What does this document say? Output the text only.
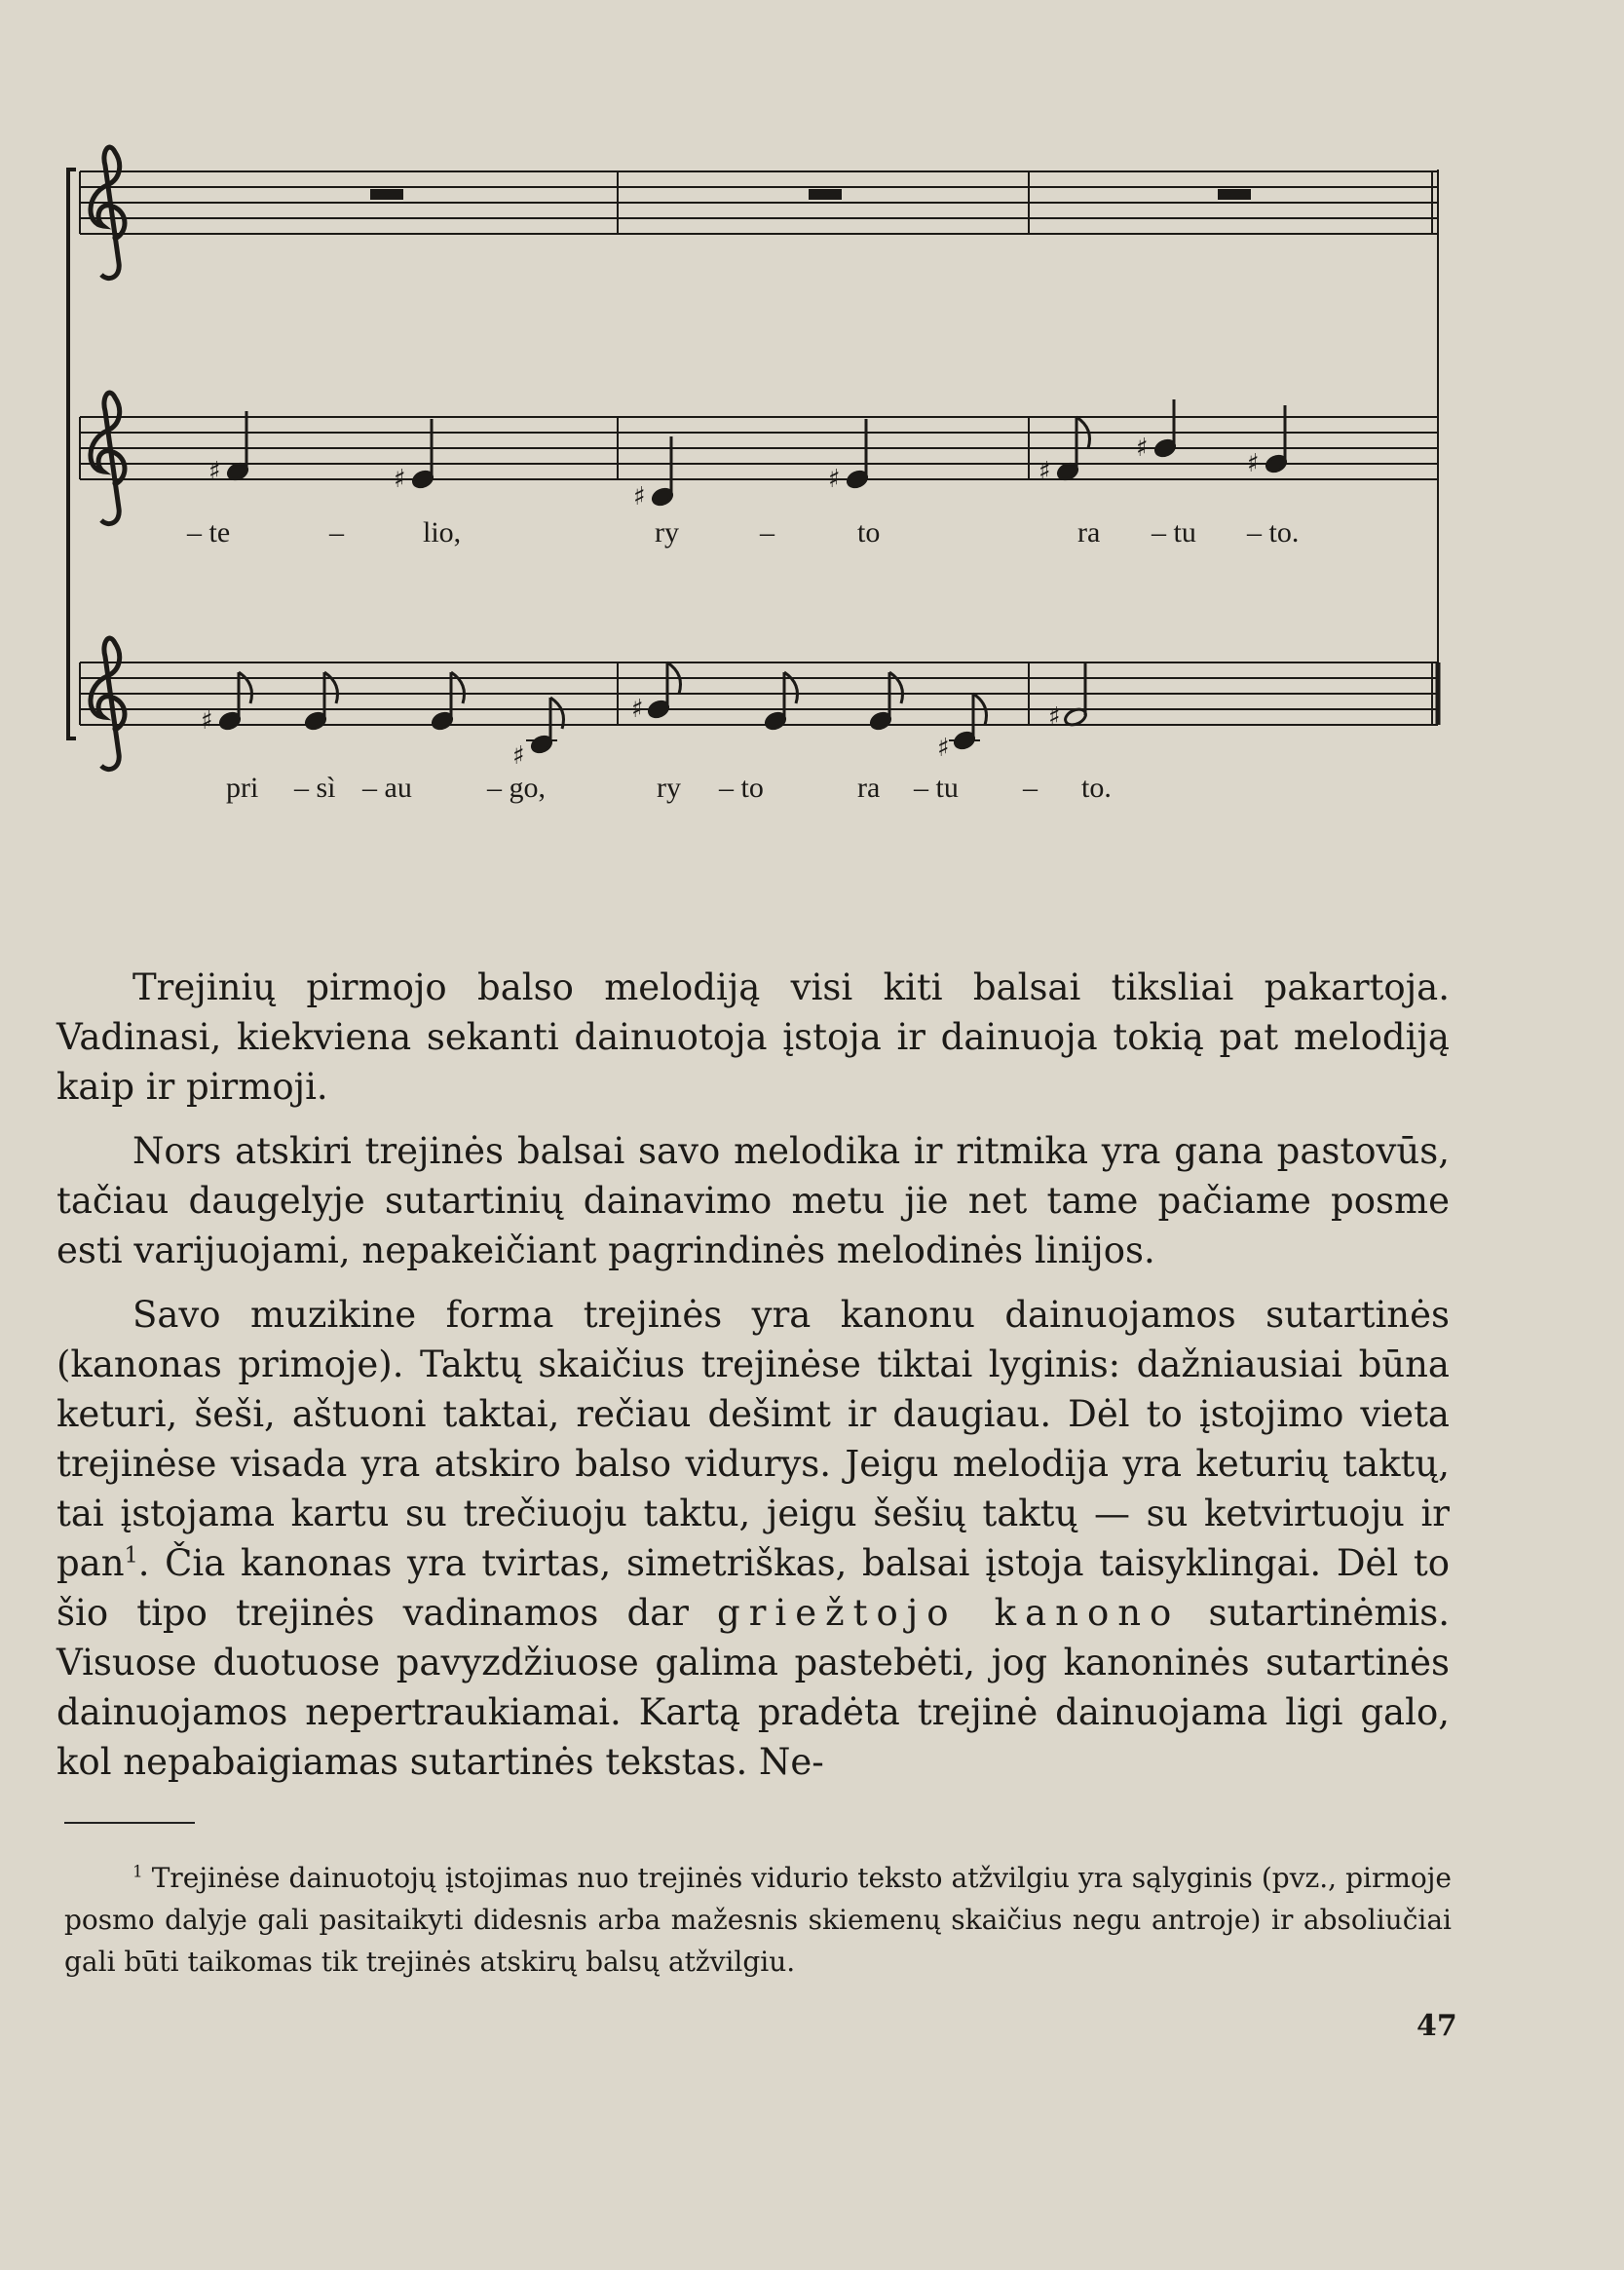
♯	♯
♯
♯	♯
♯
♯
– te	–	lio,	ry	–	to	ra – tu – to.
♯
♯
♯
♯
♯
pri – sì – au	– go,	ry – to	ra – tu – to.

Trejinių pirmojo balso melodiją visi kiti balsai tiksliai pakartoja. Vadinasi, kiekviena sekanti dainuotoja įstoja ir dainuoja tokią pat melodiją kaip ir pirmoji.

Nors atskiri trejinės balsai savo melodika ir ritmika yra gana pastovūs, tačiau daugelyje sutartinių dainavimo metu jie net tame pačiame posme esti varijuojami, nepakeičiant pagrindinės melodinės linijos.

Savo muzikine forma trejinės yra kanonu dainuojamos sutartinės (kanonas primoje). Taktų skaičius trejinėse tiktai lyginis: dažniausiai būna keturi, šeši, aštuoni taktai, rečiau dešimt ir daugiau. Dėl to įstojimo vieta trejinėse visada yra atskiro balso vidurys. Jeigu melodija yra keturių taktų, tai įstojama kartu su trečiuoju taktu, jeigu šešių taktų — su ketvirtuoju ir pan$^1$. Čia kanonas yra tvirtas, simetriškas, balsai įstoja taisyklingai. Dėl to šio tipo trejinės vadinamos dar griežtojo kanono sutartinėmis. Visuose duotuose pavyzdžiuose galima pastebėti, jog kanoninės sutartinės dainuojamos nepertraukiamai. Kartą pradėta trejinė dainuojama ligi galo, kol nepabaigiamas sutartinės tekstas. Ne-

$^1$ Trejinėse dainuotojų įstojimas nuo trejinės vidurio teksto atžvilgiu yra sąlyginis (pvz., pirmoje posmo dalyje gali pasitaikyti didesnis arba mažesnis skiemenų skaičius negu antroje) ir absoliučiai gali būti taikomas tik trejinės atskirų balsų atžvilgiu.

47
